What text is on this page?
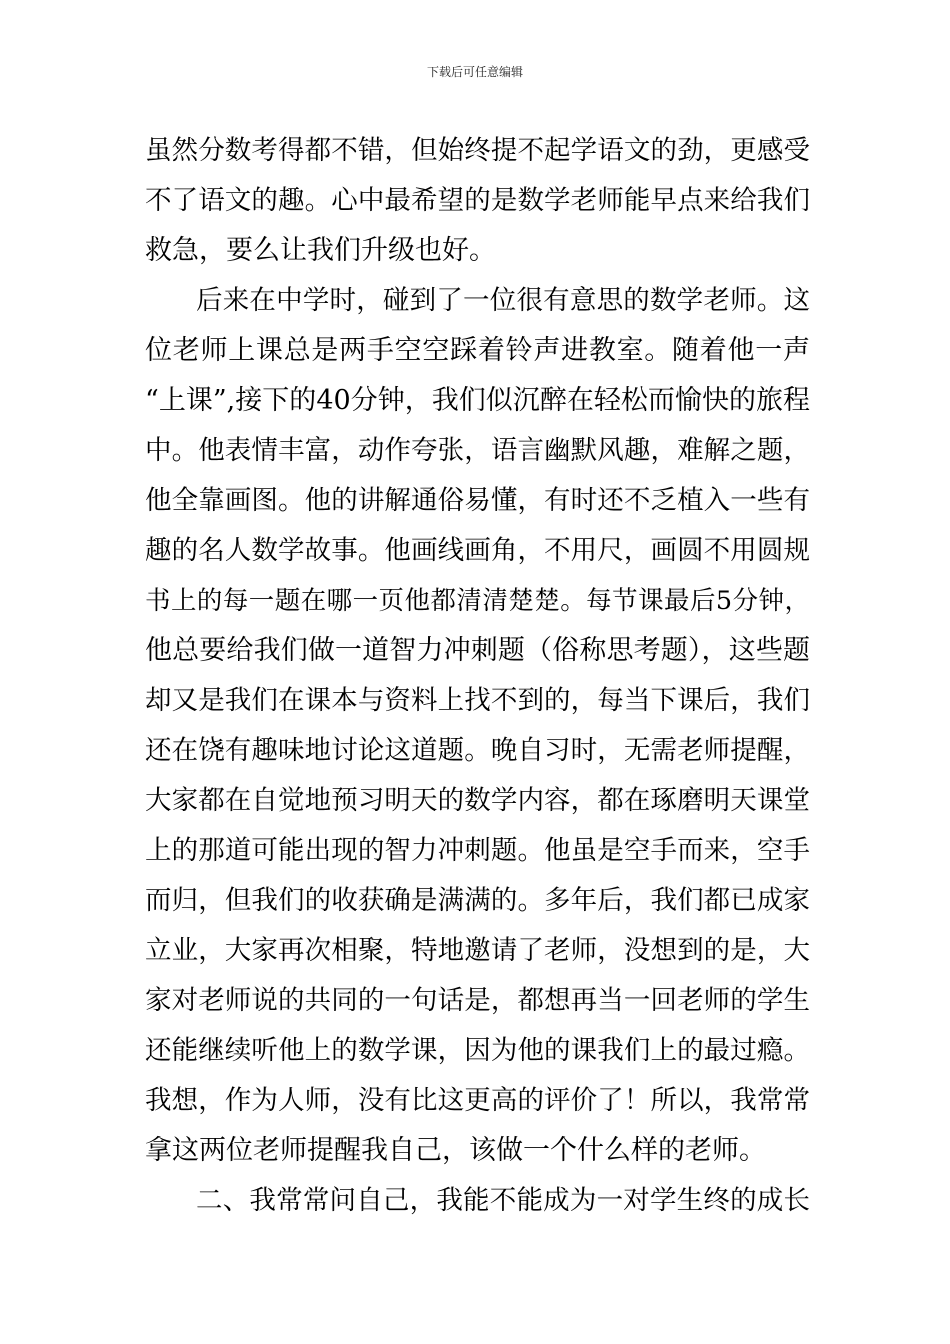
下载后可任意编辑
虽然分数考得都不错，但始终提不起学语文的劲，更感受
不了语文的趣。心中最希望的是数学老师能早点来给我们
救急，要么让我们升级也好。
后来在中学时，碰到了一位很有意思的数学老师。这
位老师上课总是两手空空踩着铃声进教室。随着他一声
“上课”,接下的40分钟，我们似沉醉在轻松而愉快的旅程
中。他表情丰富，动作夸张，语言幽默风趣，难解之题，
他全靠画图。他的讲解通俗易懂，有时还不乏植入一些有
趣的名人数学故事。他画线画角，不用尺，画圆不用圆规
书上的每一题在哪一页他都清清楚楚。每节课最后5分钟，
他总要给我们做一道智力冲刺题（俗称思考题），这些题
却又是我们在课本与资料上找不到的，每当下课后，我们
还在饶有趣味地讨论这道题。晚自习时，无需老师提醒，
大家都在自觉地预习明天的数学内容，都在琢磨明天课堂
上的那道可能出现的智力冲刺题。他虽是空手而来，空手
而归，但我们的收获确是满满的。多年后，我们都已成家
立业，大家再次相聚，特地邀请了老师，没想到的是，大
家对老师说的共同的一句话是，都想再当一回老师的学生
还能继续听他上的数学课，因为他的课我们上的最过瘾。
我想，作为人师，没有比这更高的评价了！所以，我常常
拿这两位老师提醒我自己，该做一个什么样的老师。
二、我常常问自己，我能不能成为一对学生终的成长
